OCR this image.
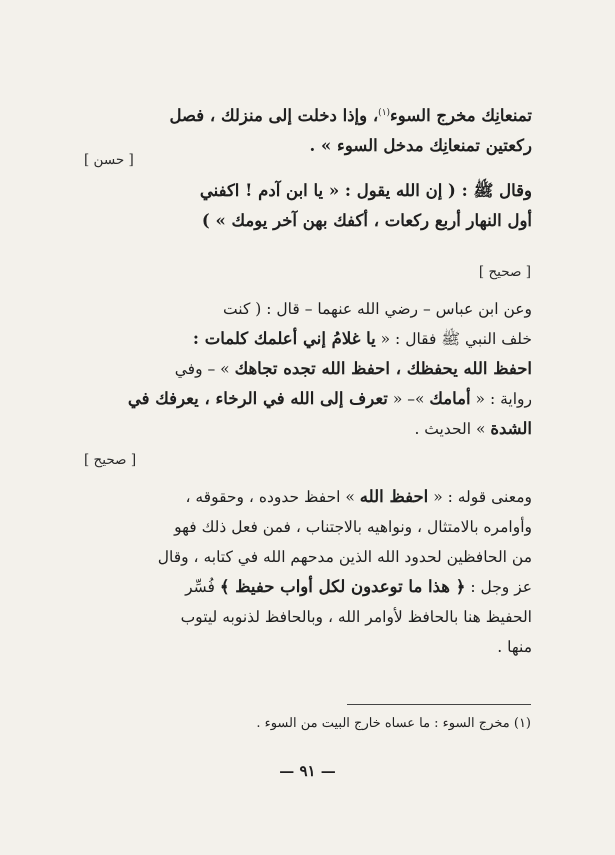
تمنعانِك مخرج السوء$^{(١)}$، وإذا دخلت إلى منزلك ، فصل
ركعتين تمنعانِك مدخل السوء » .
[ حسن ]
وقال ﷺ : ( إن الله يقول : « يا ابن آدم ! اكفني
أول النهار أربع ركعات ، أكفك بهن آخر يومك » )
[ صحيح ]
وعن ابن عباس – رضي الله عنهما – قال : ( كنت
خلف النبي ﷺ فقال : « يا غلامُ إني أعلمك كلمات :
احفظ الله يحفظك ، احفظ الله تجده تجاهك » – وفي
رواية : « أمامك »– « تعرف إلى الله في الرخاء ، يعرفك في
الشدة » الحديث .
[ صحيح ]
ومعنى قوله : « احفظ الله » احفظ حدوده ، وحقوقه ،
وأوامره بالامتثال ، ونواهيه بالاجتناب ، فمن فعل ذلك فهو
من الحافظين لحدود الله الذين مدحهم الله في كتابه ، وقال
عز وجل : ﴿ هذا ما توعدون لكل أواب حفيظ ﴾ فُسِّر
الحفيظ هنا بالحافظ لأوامر الله ، وبالحافظ لذنوبه ليتوب
منها .
(١) مخرج السوء : ما عساه خارج البيت من السوء .
— ٩١ —
